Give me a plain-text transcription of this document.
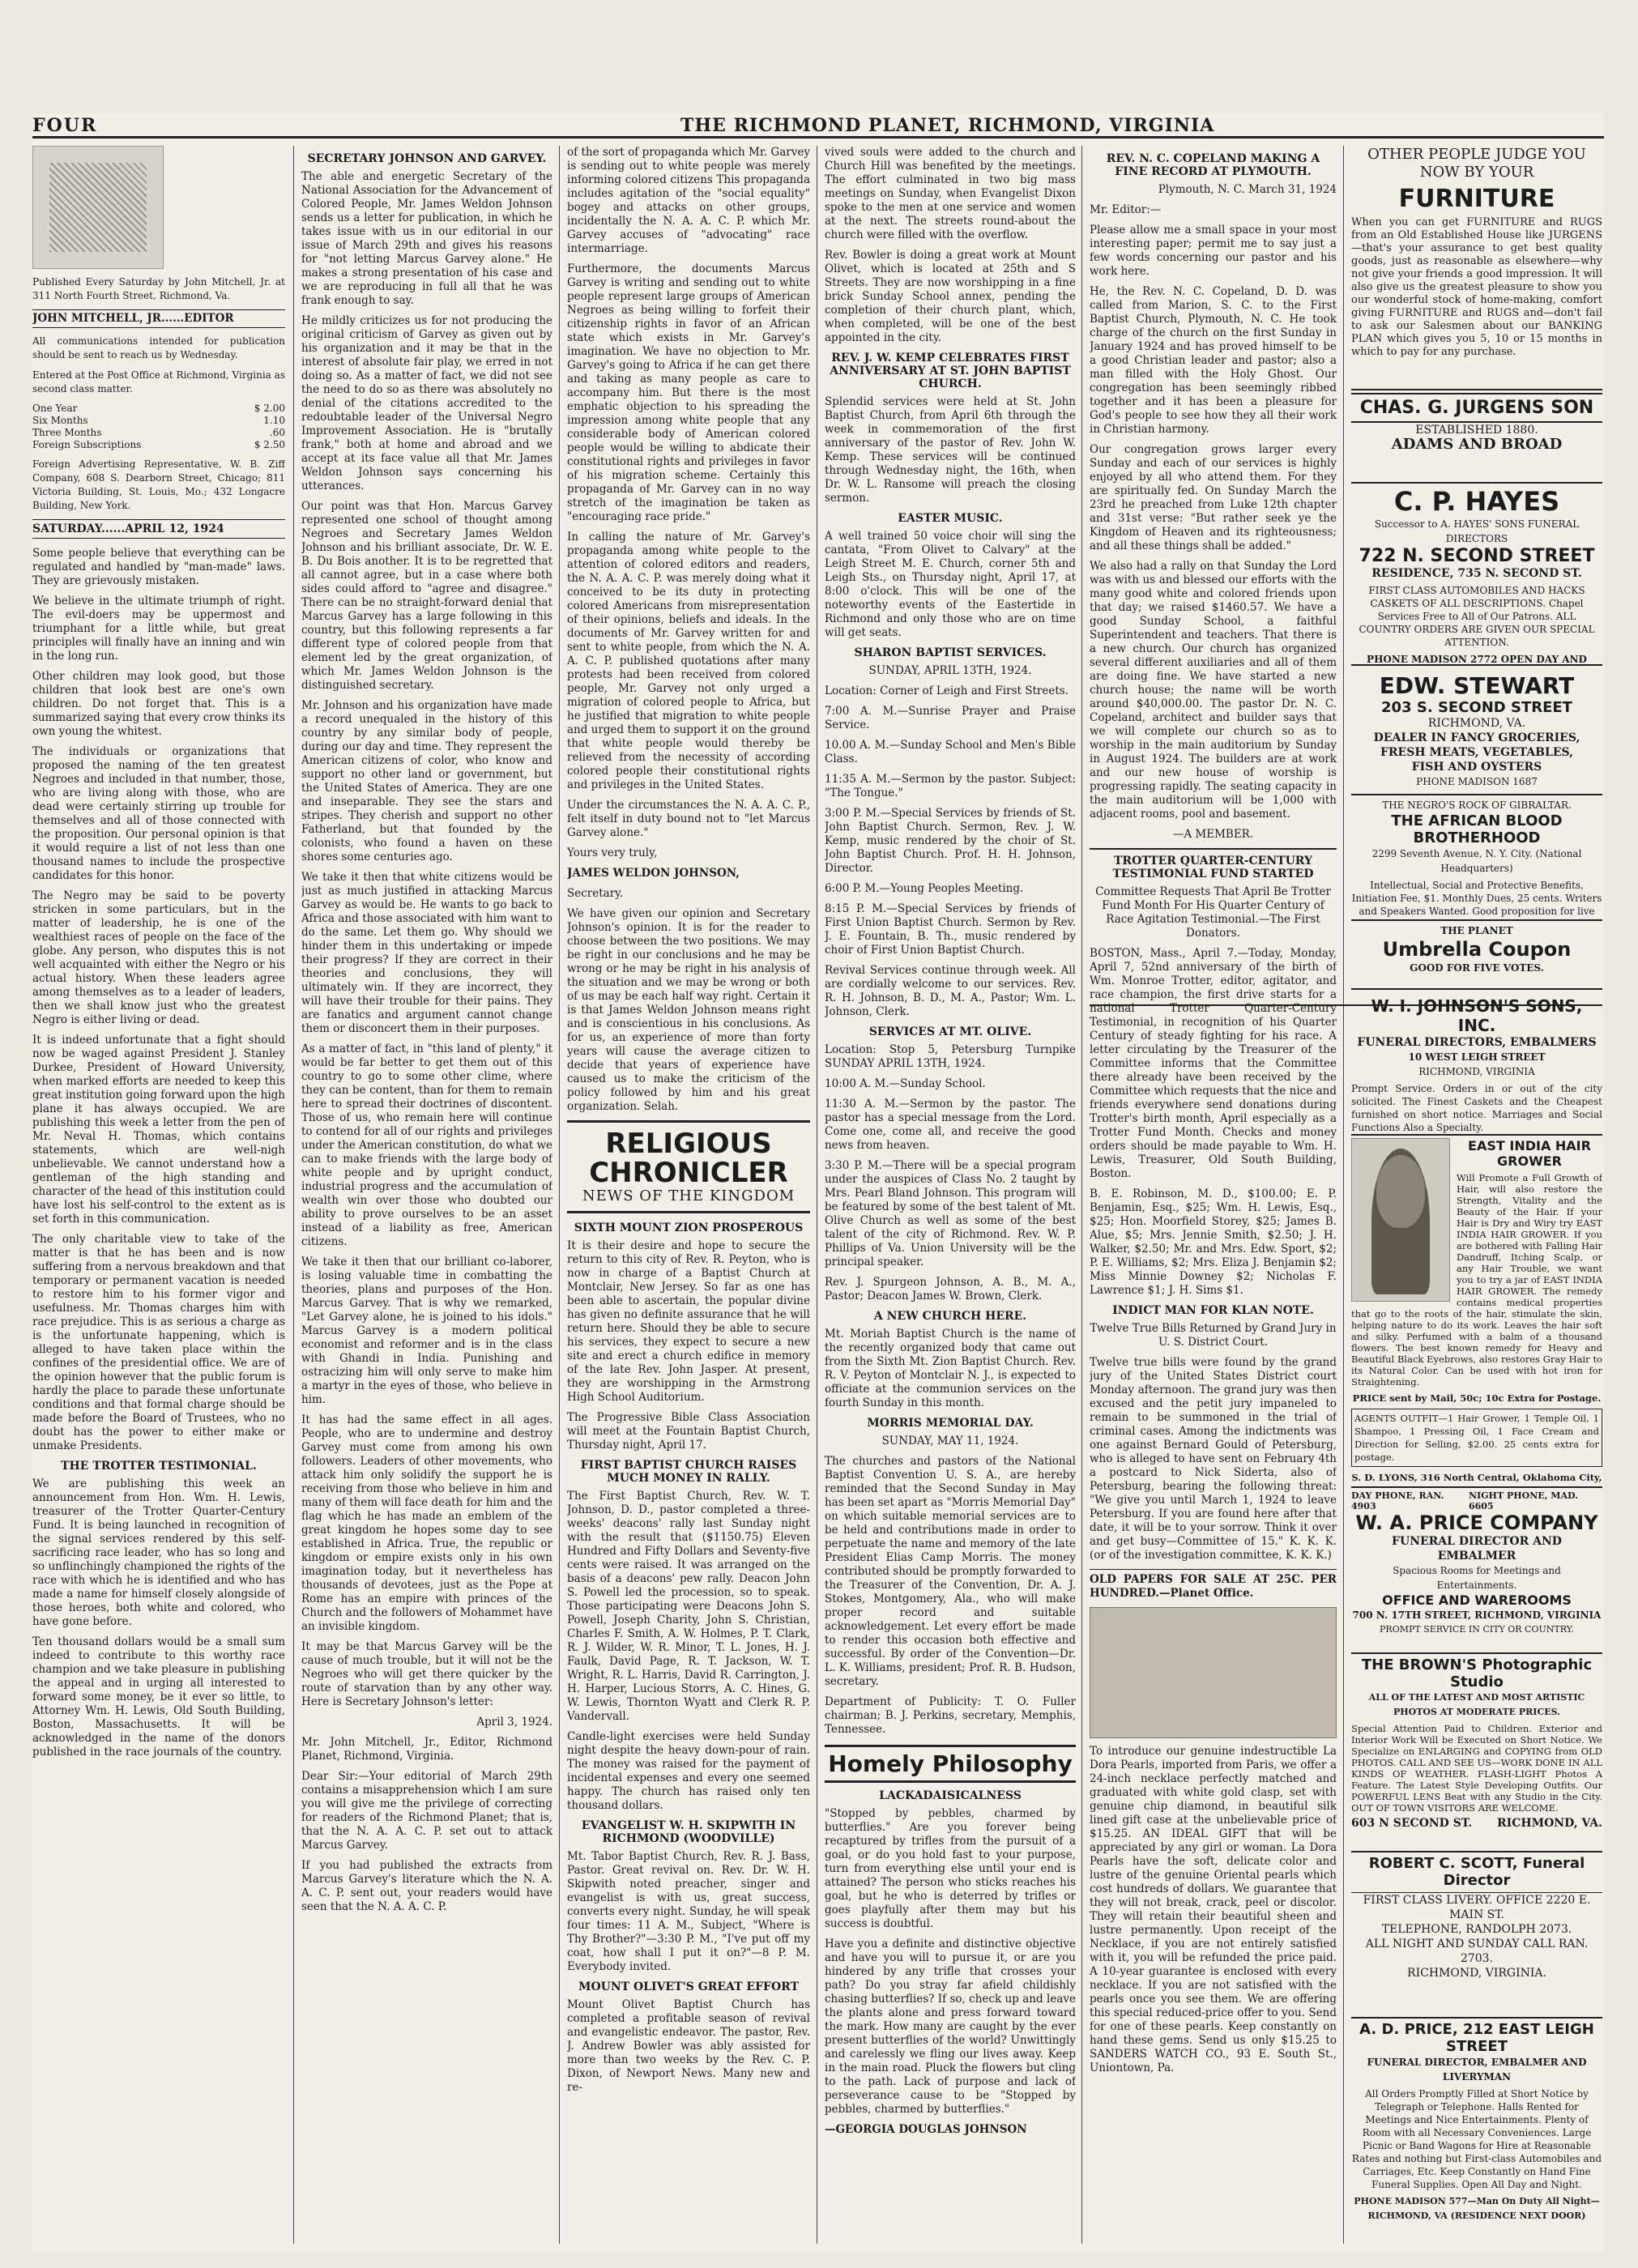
FOUR	THE RICHMOND PLANET, RICHMOND, VIRGINIA

Published Every Saturday by John Mitchell, Jr. at 311 North Fourth Street, Richmond, Va.

JOHN MITCHELL, JR......EDITOR

All communications intended for publication should be sent to reach us by Wednesday.

Entered at the Post Office at Richmond, Virginia as second class matter.

One Year	$ 2.00
Six Months	1.10
Three Months	.60
Foreign Subscriptions	$ 2.50

Foreign Advertising Representative, W. B. Ziff Company, 608 S. Dearborn Street, Chicago; 811 Victoria Building, St. Louis, Mo.; 432 Longacre Building, New York.

SATURDAY......APRIL 12, 1924

Some people believe that everything can be regulated and handled by "man-made" laws. They are grievously mistaken.

We believe in the ultimate triumph of right. The evil-doers may be uppermost and triumphant for a little while, but great principles will finally have an inning and win in the long run.

Other children may look good, but those children that look best are one's own children. Do not forget that. This is a summarized saying that every crow thinks its own young the whitest.

The individuals or organizations that proposed the naming of the ten greatest Negroes and included in that number, those, who are living along with those, who are dead were certainly stirring up trouble for themselves and all of those connected with the proposition. Our personal opinion is that it would require a list of not less than one thousand names to include the prospective candidates for this honor.

The Negro may be said to be poverty stricken in some particulars, but in the matter of leadership, he is one of the wealthiest races of people on the face of the globe. Any person, who disputes this is not well acquainted with either the Negro or his actual history. When these leaders agree among themselves as to a leader of leaders, then we shall know just who the greatest Negro is either living or dead.

It is indeed unfortunate that a fight should now be waged against President J. Stanley Durkee, President of Howard University, when marked efforts are needed to keep this great institution going forward upon the high plane it has always occupied. We are publishing this week a letter from the pen of Mr. Neval H. Thomas, which contains statements, which are well-nigh unbelievable. We cannot understand how a gentleman of the high standing and character of the head of this institution could have lost his self-control to the extent as is set forth in this communication.

The only charitable view to take of the matter is that he has been and is now suffering from a nervous breakdown and that temporary or permanent vacation is needed to restore him to his former vigor and usefulness. Mr. Thomas charges him with race prejudice. This is as serious a charge as is the unfortunate happening, which is alleged to have taken place within the confines of the presidential office. We are of the opinion however that the public forum is hardly the place to parade these unfortunate conditions and that formal charge should be made before the Board of Trustees, who no doubt has the power to either make or unmake Presidents.

THE TROTTER TESTIMONIAL.

We are publishing this week an announcement from Hon. Wm. H. Lewis, treasurer of the Trotter Quarter-Century Fund. It is being launched in recognition of the signal services rendered by this self-sacrificing race leader, who has so long and so unflinchingly championed the rights of the race with which he is identified and who has made a name for himself closely alongside of those heroes, both white and colored, who have gone before.

Ten thousand dollars would be a small sum indeed to contribute to this worthy race champion and we take pleasure in publishing the appeal and in urging all interested to forward some money, be it ever so little, to Attorney Wm. H. Lewis, Old South Building, Boston, Massachusetts. It will be acknowledged in the name of the donors published in the race journals of the country.

SECRETARY JOHNSON AND GARVEY.

The able and energetic Secretary of the National Association for the Advancement of Colored People, Mr. James Weldon Johnson sends us a letter for publication, in which he takes issue with us in our editorial in our issue of March 29th and gives his reasons for "not letting Marcus Garvey alone." He makes a strong presentation of his case and we are reproducing in full all that he was frank enough to say.

He mildly criticizes us for not producing the original criticism of Garvey as given out by his organization and it may be that in the interest of absolute fair play, we erred in not doing so. As a matter of fact, we did not see the need to do so as there was absolutely no denial of the citations accredited to the redoubtable leader of the Universal Negro Improvement Association. He is "brutally frank," both at home and abroad and we accept at its face value all that Mr. James Weldon Johnson says concerning his utterances.

Our point was that Hon. Marcus Garvey represented one school of thought among Negroes and Secretary James Weldon Johnson and his brilliant associate, Dr. W. E. B. Du Bois another. It is to be regretted that all cannot agree, but in a case where both sides could afford to "agree and disagree." There can be no straight-forward denial that Marcus Garvey has a large following in this country, but this following represents a far different type of colored people from that element led by the great organization, of which Mr. James Weldon Johnson is the distinguished secretary.

Mr. Johnson and his organization have made a record unequaled in the history of this country by any similar body of people, during our day and time. They represent the American citizens of color, who know and support no other land or government, but the United States of America. They are one and inseparable. They see the stars and stripes. They cherish and support no other Fatherland, but that founded by the colonists, who found a haven on these shores some centuries ago.

We take it then that white citizens would be just as much justified in attacking Marcus Garvey as would be. He wants to go back to Africa and those associated with him want to do the same. Let them go. Why should we hinder them in this undertaking or impede their progress? If they are correct in their theories and conclusions, they will ultimately win. If they are incorrect, they will have their trouble for their pains. They are fanatics and argument cannot change them or disconcert them in their purposes.

As a matter of fact, in "this land of plenty," it would be far better to get them out of this country to go to some other clime, where they can be content, than for them to remain here to spread their doctrines of discontent. Those of us, who remain here will continue to contend for all of our rights and privileges under the American constitution, do what we can to make friends with the large body of white people and by upright conduct, industrial progress and the accumulation of wealth win over those who doubted our ability to prove ourselves to be an asset instead of a liability as free, American citizens.

We take it then that our brilliant co-laborer, is losing valuable time in combatting the theories, plans and purposes of the Hon. Marcus Garvey. That is why we remarked, "Let Garvey alone, he is joined to his idols." Marcus Garvey is a modern political economist and reformer and is in the class with Ghandi in India. Punishing and ostracizing him will only serve to make him a martyr in the eyes of those, who believe in him.

It has had the same effect in all ages. People, who are to undermine and destroy Garvey must come from among his own followers. Leaders of other movements, who attack him only solidify the support he is receiving from those who believe in him and many of them will face death for him and the flag which he has made an emblem of the great kingdom he hopes some day to see established in Africa. True, the republic or kingdom or empire exists only in his own imagination today, but it nevertheless has thousands of devotees, just as the Pope at Rome has an empire with princes of the Church and the followers of Mohammet have an invisible kingdom.

It may be that Marcus Garvey will be the cause of much trouble, but it will not be the Negroes who will get there quicker by the route of starvation than by any other way. Here is Secretary Johnson's letter:

April 3, 1924.

Mr. John Mitchell, Jr., Editor, Richmond Planet, Richmond, Virginia.

Dear Sir:—Your editorial of March 29th contains a misapprehension which I am sure you will give me the privilege of correcting for readers of the Richmond Planet; that is, that the N. A. A. C. P. set out to attack Marcus Garvey.

If you had published the extracts from Marcus Garvey's literature which the N. A. A. C. P. sent out, your readers would have seen that the N. A. A. C. P.

of the sort of propaganda which Mr. Garvey is sending out to white people was merely informing colored citizens This propaganda includes agitation of the "social equality" bogey and attacks on other groups, incidentally the N. A. A. C. P. which Mr. Garvey accuses of "advocating" race intermarriage.

Furthermore, the documents Marcus Garvey is writing and sending out to white people represent large groups of American Negroes as being willing to forfeit their citizenship rights in favor of an African state which exists in Mr. Garvey's imagination. We have no objection to Mr. Garvey's going to Africa if he can get there and taking as many people as care to accompany him. But there is the most emphatic objection to his spreading the impression among white people that any considerable body of American colored people would be willing to abdicate their constitutional rights and privileges in favor of his migration scheme. Certainly this propaganda of Mr. Garvey can in no way stretch of the imagination be taken as "encouraging race pride."

In calling the nature of Mr. Garvey's propaganda among white people to the attention of colored editors and readers, the N. A. A. C. P. was merely doing what it conceived to be its duty in protecting colored Americans from misrepresentation of their opinions, beliefs and ideals. In the documents of Mr. Garvey written for and sent to white people, from which the N. A. A. C. P. published quotations after many protests had been received from colored people, Mr. Garvey not only urged a migration of colored people to Africa, but he justified that migration to white people and urged them to support it on the ground that white people would thereby be relieved from the necessity of according colored people their constitutional rights and privileges in the United States.

Under the circumstances the N. A. A. C. P., felt itself in duty bound not to "let Marcus Garvey alone."

Yours very truly,

JAMES WELDON JOHNSON,

Secretary.

We have given our opinion and Secretary Johnson's opinion. It is for the reader to choose between the two positions. We may be right in our conclusions and he may be wrong or he may be right in his analysis of the situation and we may be wrong or both of us may be each half way right. Certain it is that James Weldon Johnson means right and is conscientious in his conclusions. As for us, an experience of more than forty years will cause the average citizen to decide that years of experience have caused us to make the criticism of the policy followed by him and his great organization. Selah.

RELIGIOUS CHRONICLER
NEWS OF THE KINGDOM
SIXTH MOUNT ZION PROSPEROUS

It is their desire and hope to secure the return to this city of Rev. R. Peyton, who is now in charge of a Baptist Church at Montclair, New Jersey. So far as one has been able to ascertain, the popular divine has given no definite assurance that he will return here. Should they be able to secure his services, they expect to secure a new site and erect a church edifice in memory of the late Rev. John Jasper. At present, they are worshipping in the Armstrong High School Auditorium.

The Progressive Bible Class Association will meet at the Fountain Baptist Church, Thursday night, April 17.

FIRST BAPTIST CHURCH RAISES MUCH MONEY IN RALLY.

The First Baptist Church, Rev. W. T. Johnson, D. D., pastor completed a three-weeks' deacons' rally last Sunday night with the result that ($1150.75) Eleven Hundred and Fifty Dollars and Seventy-five cents were raised. It was arranged on the basis of a deacons' pew rally. Deacon John S. Powell led the procession, so to speak. Those participating were Deacons John S. Powell, Joseph Charity, John S. Christian, Charles F. Smith, A. W. Holmes, P. T. Clark, R. J. Wilder, W. R. Minor, T. L. Jones, H. J. Faulk, David Page, R. T. Jackson, W. T. Wright, R. L. Harris, David R. Carrington, J. H. Harper, Lucious Storrs, A. C. Hines, G. W. Lewis, Thornton Wyatt and Clerk R. P. Vandervall.

Candle-light exercises were held Sunday night despite the heavy down-pour of rain. The money was raised for the payment of incidental expenses and every one seemed happy. The church has raised only ten thousand dollars.

EVANGELIST W. H. SKIPWITH IN RICHMOND (WOODVILLE)

Mt. Tabor Baptist Church, Rev. R. J. Bass, Pastor. Great revival on. Rev. Dr. W. H. Skipwith noted preacher, singer and evangelist is with us, great success, converts every night. Sunday, he will speak four times: 11 A. M., Subject, "Where is Thy Brother?"—3:30 P. M., "I've put off my coat, how shall I put it on?"—8 P. M. Everybody invited.

MOUNT OLIVET'S GREAT EFFORT

Mount Olivet Baptist Church has completed a profitable season of revival and evangelistic endeavor. The pastor, Rev. J. Andrew Bowler was ably assisted for more than two weeks by the Rev. C. P. Dixon, of Newport News. Many new and re-

vived souls were added to the church and Church Hill was benefited by the meetings. The effort culminated in two big mass meetings on Sunday, when Evangelist Dixon spoke to the men at one service and women at the next. The streets round-about the church were filled with the overflow.

Rev. Bowler is doing a great work at Mount Olivet, which is located at 25th and S Streets. They are now worshipping in a fine brick Sunday School annex, pending the completion of their church plant, which, when completed, will be one of the best appointed in the city.

REV. J. W. KEMP CELEBRATES FIRST ANNIVERSARY AT ST. JOHN BAPTIST CHURCH.

Splendid services were held at St. John Baptist Church, from April 6th through the week in commemoration of the first anniversary of the pastor of Rev. John W. Kemp. These services will be continued through Wednesday night, the 16th, when Dr. W. L. Ransome will preach the closing sermon.

EASTER MUSIC.

A well trained 50 voice choir will sing the cantata, "From Olivet to Calvary" at the Leigh Street M. E. Church, corner 5th and Leigh Sts., on Thursday night, April 17, at 8:00 o'clock. This will be one of the noteworthy events of the Eastertide in Richmond and only those who are on time will get seats.

SHARON BAPTIST SERVICES.

SUNDAY, APRIL 13TH, 1924.

Location: Corner of Leigh and First Streets.

7:00 A. M.—Sunrise Prayer and Praise Service.

10.00 A. M.—Sunday School and Men's Bible Class.

11:35 A. M.—Sermon by the pastor. Subject: "The Tongue."

3:00 P. M.—Special Services by friends of St. John Baptist Church. Sermon, Rev. J. W. Kemp, music rendered by the choir of St. John Baptist Church. Prof. H. H. Johnson, Director.

6:00 P. M.—Young Peoples Meeting.

8:15 P. M.—Special Services by friends of First Union Baptist Church. Sermon by Rev. J. E. Fountain, B. Th., music rendered by choir of First Union Baptist Church.

Revival Services continue through week. All are cordially welcome to our services. Rev. R. H. Johnson, B. D., M. A., Pastor; Wm. L. Johnson, Clerk.

SERVICES AT MT. OLIVE.

Location: Stop 5, Petersburg Turnpike SUNDAY APRIL 13TH, 1924.

10:00 A. M.—Sunday School.

11:30 A. M.—Sermon by the pastor. The pastor has a special message from the Lord. Come one, come all, and receive the good news from heaven.

3:30 P. M.—There will be a special program under the auspices of Class No. 2 taught by Mrs. Pearl Bland Johnson. This program will be featured by some of the best talent of Mt. Olive Church as well as some of the best talent of the city of Richmond. Rev. W. P. Phillips of Va. Union University will be the principal speaker.

Rev. J. Spurgeon Johnson, A. B., M. A., Pastor; Deacon James W. Brown, Clerk.

A NEW CHURCH HERE.

Mt. Moriah Baptist Church is the name of the recently organized body that came out from the Sixth Mt. Zion Baptist Church. Rev. R. V. Peyton of Montclair N. J., is expected to officiate at the communion services on the fourth Sunday in this month.

MORRIS MEMORIAL DAY.

SUNDAY, MAY 11, 1924.

The churches and pastors of the National Baptist Convention U. S. A., are hereby reminded that the Second Sunday in May has been set apart as "Morris Memorial Day" on which suitable memorial services are to be held and contributions made in order to perpetuate the name and memory of the late President Elias Camp Morris. The money contributed should be promptly forwarded to the Treasurer of the Convention, Dr. A. J. Stokes, Montgomery, Ala., who will make proper record and suitable acknowledgement. Let every effort be made to render this occasion both effective and successful. By order of the Convention—Dr. L. K. Williams, president; Prof. R. B. Hudson, secretary.

Department of Publicity: T. O. Fuller chairman; B. J. Perkins, secretary, Memphis, Tennessee.

Homely Philosophy
LACKADAISICALNESS

"Stopped by pebbles, charmed by butterflies." Are you forever being recaptured by trifles from the pursuit of a goal, or do you hold fast to your purpose, turn from everything else until your end is attained? The person who sticks reaches his goal, but he who is deterred by trifles or goes playfully after them may but his success is doubtful.

Have you a definite and distinctive objective and have you will to pursue it, or are you hindered by any trifle that crosses your path? Do you stray far afield childishly chasing butterflies? If so, check up and leave the plants alone and press forward toward the mark. How many are caught by the ever present butterflies of the world? Unwittingly and carelessly we fling our lives away. Keep in the main road. Pluck the flowers but cling to the path. Lack of purpose and lack of perseverance cause to be "Stopped by pebbles, charmed by butterflies."

—GEORGIA DOUGLAS JOHNSON

REV. N. C. COPELAND MAKING A FINE RECORD AT PLYMOUTH.

Plymouth, N. C. March 31, 1924

Mr. Editor:—

Please allow me a small space in your most interesting paper; permit me to say just a few words concerning our pastor and his work here.

He, the Rev. N. C. Copeland, D. D. was called from Marion, S. C. to the First Baptist Church, Plymouth, N. C. He took charge of the church on the first Sunday in January 1924 and has proved himself to be a good Christian leader and pastor; also a man filled with the Holy Ghost. Our congregation has been seemingly ribbed together and it has been a pleasure for God's people to see how they all their work in Christian harmony.

Our congregation grows larger every Sunday and each of our services is highly enjoyed by all who attend them. For they are spiritually fed. On Sunday March the 23rd he preached from Luke 12th chapter and 31st verse: "But rather seek ye the Kingdom of Heaven and its righteousness; and all these things shall be added."

We also had a rally on that Sunday the Lord was with us and blessed our efforts with the many good white and colored friends upon that day; we raised $1460.57. We have a good Sunday School, a faithful Superintendent and teachers. That there is a new church. Our church has organized several different auxiliaries and all of them are doing fine. We have started a new church house; the name will be worth around $40,000.00. The pastor Dr. N. C. Copeland, architect and builder says that we will complete our church so as to worship in the main auditorium by Sunday in August 1924. The builders are at work and our new house of worship is progressing rapidly. The seating capacity in the main auditorium will be 1,000 with adjacent rooms, pool and basement.

—A MEMBER.

TROTTER QUARTER-CENTURY TESTIMONIAL FUND STARTED

Committee Requests That April Be Trotter Fund Month For His Quarter Century of Race Agitation Testimonial.—The First Donators.

BOSTON, Mass., April 7.—Today, Monday, April 7, 52nd anniversary of the birth of Wm. Monroe Trotter, editor, agitator, and race champion, the first drive starts for a national Trotter Quarter-Century Testimonial, in recognition of his Quarter Century of steady fighting for his race. A letter circulating by the Treasurer of the Committee informs that the Committee there already have been received by the Committee which requests that the nice and friends everywhere send donations during Trotter's birth month, April especially as a Trotter Fund Month. Checks and money orders should be made payable to Wm. H. Lewis, Treasurer, Old South Building, Boston.

B. E. Robinson, M. D., $100.00; E. P. Benjamin, Esq., $25; Wm. H. Lewis, Esq., $25; Hon. Moorfield Storey, $25; James B. Alue, $5; Mrs. Jennie Smith, $2.50; J. H. Walker, $2.50; Mr. and Mrs. Edw. Sport, $2; P. E. Williams, $2; Mrs. Eliza J. Benjamin $2; Miss Minnie Downey $2; Nicholas F. Lawrence $1; J. H. Sims $1.

INDICT MAN FOR KLAN NOTE.

Twelve True Bills Returned by Grand Jury in U. S. District Court.

Twelve true bills were found by the grand jury of the United States District court Monday afternoon. The grand jury was then excused and the petit jury impaneled to remain to be summoned in the trial of criminal cases. Among the indictments was one against Bernard Gould of Petersburg, who is alleged to have sent on February 4th a postcard to Nick Siderta, also of Petersburg, bearing the following threat: "We give you until March 1, 1924 to leave Petersburg. If you are found here after that date, it will be to your sorrow. Think it over and get busy—Committee of 15." K. K. K. (or of the investigation committee, K. K. K.)

OLD PAPERS FOR SALE AT 25C. PER HUNDRED.—Planet Office.

To introduce our genuine indestructible La Dora Pearls, imported from Paris, we offer a 24-inch necklace perfectly matched and graduated with white gold clasp, set with genuine chip diamond, in beautiful silk lined gift case at the unbelievable price of $15.25. AN IDEAL GIFT that will be appreciated by any girl or woman. La Dora Pearls have the soft, delicate color and lustre of the genuine Oriental pearls which cost hundreds of dollars. We guarantee that they will not break, crack, peel or discolor. They will retain their beautiful sheen and lustre permanently. Upon receipt of the Necklace, if you are not entirely satisfied with it, you will be refunded the price paid. A 10-year guarantee is enclosed with every necklace. If you are not satisfied with the pearls once you see them. We are offering this special reduced-price offer to you. Send for one of these pearls. Keep constantly on hand these gems. Send us only $15.25 to SANDERS WATCH CO., 93 E. South St., Uniontown, Pa.

OTHER PEOPLE JUDGE YOU NOW BY YOUR
FURNITURE

When you can get FURNITURE and RUGS from an Old Established House like JURGENS—that's your assurance to get best quality goods, just as reasonable as elsewhere—why not give your friends a good impression. It will also give us the greatest pleasure to show you our wonderful stock of home-making, comfort giving FURNITURE and RUGS and—don't fail to ask our Salesmen about our BANKING PLAN which gives you 5, 10 or 15 months in which to pay for any purchase.

CHAS. G. JURGENS SON
ESTABLISHED 1880.
ADAMS AND BROAD
C. P. HAYES
Successor to A. HAYES' SONS FUNERAL DIRECTORS
722 N. SECOND STREET
RESIDENCE, 735 N. SECOND ST.

FIRST CLASS AUTOMOBILES AND HACKS CASKETS OF ALL DESCRIPTIONS. Chapel Services Free to All of Our Patrons. ALL COUNTRY ORDERS ARE GIVEN OUR SPECIAL ATTENTION.

PHONE MADISON 2772 OPEN DAY AND
EDW. STEWART
203 S. SECOND STREET
RICHMOND, VA.
DEALER IN FANCY GROCERIES,
FRESH MEATS, VEGETABLES,
FISH AND OYSTERS
PHONE MADISON 1687
THE NEGRO'S ROCK OF GIBRALTAR.
THE AFRICAN BLOOD BROTHERHOOD
2299 Seventh Avenue, N. Y. City. (National Headquarters)

Intellectual, Social and Protective Benefits, Initiation Fee, $1. Monthly Dues, 25 cents. Writers and Speakers Wanted. Good proposition for live

THE PLANET
Umbrella Coupon
GOOD FOR FIVE VOTES.
W. I. JOHNSON'S SONS, INC.
FUNERAL DIRECTORS, EMBALMERS
10 WEST LEIGH STREET
RICHMOND, VIRGINIA

Prompt Service. Orders in or out of the city solicited. The Finest Caskets and the Cheapest furnished on short notice. Marriages and Social Functions Also a Specialty.

EAST INDIA HAIR GROWER

Will Promote a Full Growth of Hair, will also restore the Strength, Vitality and the Beauty of the Hair. If your Hair is Dry and Wiry try EAST INDIA HAIR GROWER. If you are bothered with Falling Hair Dandruff, Itching Scalp, or any Hair Trouble, we want you to try a jar of EAST INDIA HAIR GROWER. The remedy contains medical properties that go to the roots of the hair, stimulate the skin, helping nature to do its work. Leaves the hair soft and silky. Perfumed with a balm of a thousand flowers. The best known remedy for Heavy and Beautiful Black Eyebrows, also restores Gray Hair to its Natural Color. Can be used with hot iron for Straightening.

PRICE sent by Mail, 50c; 10c Extra for Postage.

AGENTS OUTFIT—1 Hair Grower, 1 Temple Oil, 1 Shampoo, 1 Pressing Oil, 1 Face Cream and Direction for Selling, $2.00. 25 cents extra for postage.

S. D. LYONS, 316 North Central, Oklahoma City,
DAY PHONE, RAN. 4903
NIGHT PHONE, MAD. 6605
W. A. PRICE COMPANY
FUNERAL DIRECTOR AND EMBALMER
Spacious Rooms for Meetings and Entertainments.
OFFICE AND WAREROOMS
700 N. 17TH STREET, RICHMOND, VIRGINIA
PROMPT SERVICE IN CITY OR COUNTRY.
THE BROWN'S Photographic Studio
ALL OF THE LATEST AND MOST ARTISTIC PHOTOS AT MODERATE PRICES.

Special Attention Paid to Children. Exterior and Interior Work Will be Executed on Short Notice. We Specialize on ENLARGING and COPYING from OLD PHOTOS. CALL AND SEE US—WORK DONE IN ALL KINDS OF WEATHER. FLASH-LIGHT Photos A Feature. The Latest Style Developing Outfits. Our POWERFUL LENS Beat with any Studio in the City. OUT OF TOWN VISITORS ARE WELCOME.

603 N SECOND ST. RICHMOND, VA.
ROBERT C. SCOTT, Funeral Director
FIRST CLASS LIVERY. OFFICE 2220 E. MAIN ST.
TELEPHONE, RANDOLPH 2073.
ALL NIGHT AND SUNDAY CALL RAN. 2703.
RICHMOND, VIRGINIA.
A. D. PRICE, 212 EAST LEIGH STREET
FUNERAL DIRECTOR, EMBALMER AND LIVERYMAN

All Orders Promptly Filled at Short Notice by Telegraph or Telephone. Halls Rented for Meetings and Nice Entertainments. Plenty of Room with all Necessary Conveniences. Large Picnic or Band Wagons for Hire at Reasonable Rates and nothing but First-class Automobiles and Carriages, Etc. Keep Constantly on Hand Fine Funeral Supplies. Open All Day and Night.

PHONE MADISON 577—Man On Duty All Night—RICHMOND, VA (RESIDENCE NEXT DOOR)
